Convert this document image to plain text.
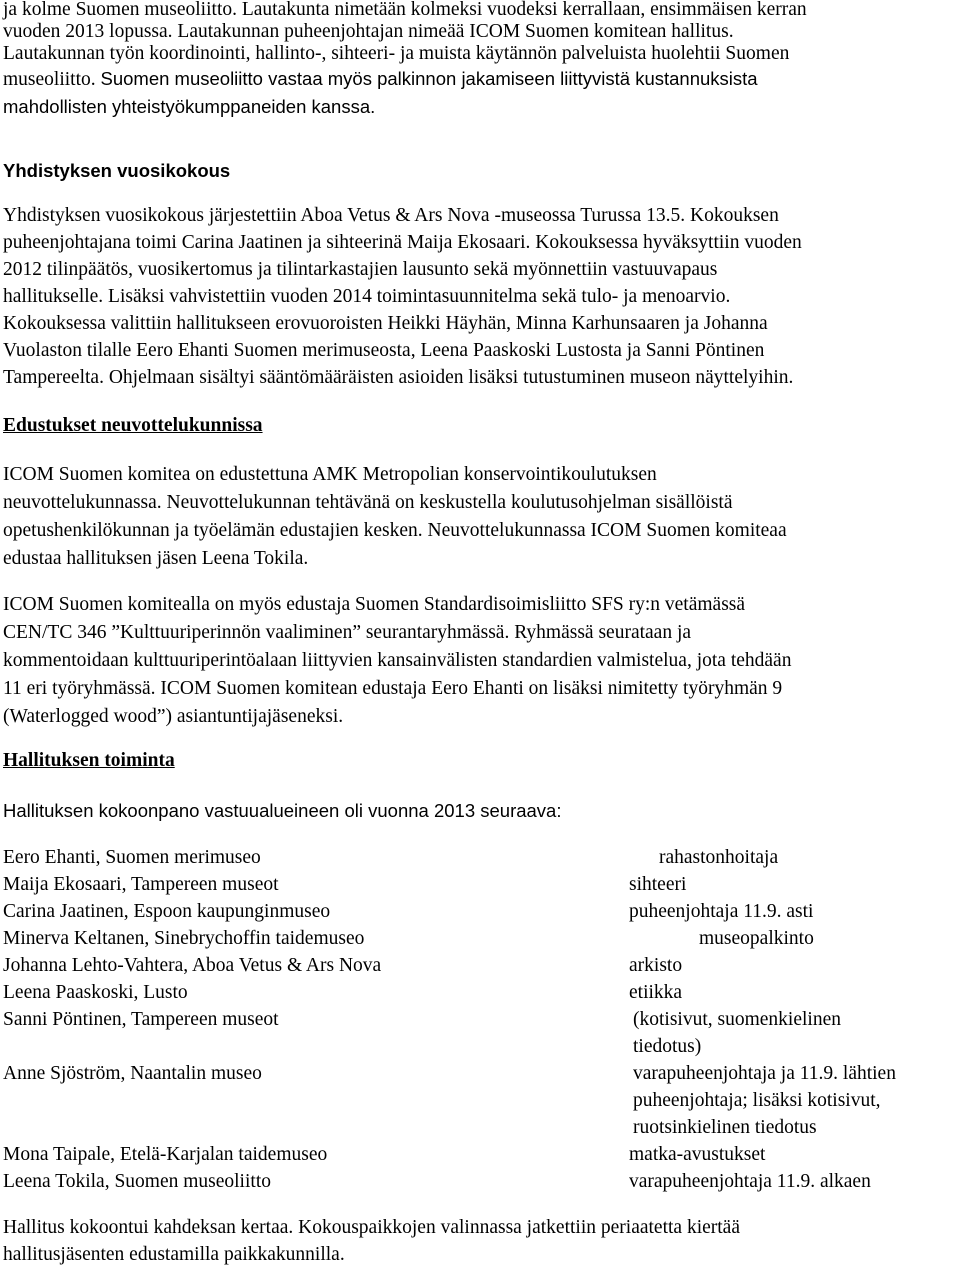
ja kolme Suomen museoliitto. Lautakunta nimetään kolmeksi vuodeksi kerrallaan, ensimmäisen kerran
vuoden 2013 lopussa. Lautakunnan puheenjohtajan nimeää ICOM Suomen komitean hallitus.
Lautakunnan työn koordinointi, hallinto-, sihteeri- ja muista käytännön palveluista huolehtii Suomen
museoliitto. Suomen museoliitto vastaa myös palkinnon jakamiseen liittyvistä kustannuksista
mahdollisten yhteistyökumppaneiden kanssa.
Yhdistyksen vuosikokous
Yhdistyksen vuosikokous järjestettiin Aboa Vetus & Ars Nova -museossa Turussa 13.5. Kokouksen
puheenjohtajana toimi Carina Jaatinen ja sihteerinä Maija Ekosaari. Kokouksessa hyväksyttiin vuoden
2012 tilinpäätös, vuosikertomus ja tilintarkastajien lausunto sekä myönnettiin vastuuvapaus
hallitukselle. Lisäksi vahvistettiin vuoden 2014 toimintasuunnitelma sekä tulo- ja menoarvio.
Kokouksessa valittiin hallitukseen erovuoroisten Heikki Häyhän, Minna Karhunsaaren ja Johanna
Vuolaston tilalle Eero Ehanti Suomen merimuseosta, Leena Paaskoski Lustosta ja Sanni Pöntinen
Tampereelta. Ohjelmaan sisältyi sääntömääräisten asioiden lisäksi tutustuminen museon näyttelyihin.
Edustukset neuvottelukunnissa
ICOM Suomen komitea on edustettuna AMK Metropolian konservointikoulutuksen
neuvottelukunnassa. Neuvottelukunnan tehtävänä on keskustella koulutusohjelman sisällöistä
opetushenkilökunnan ja työelämän edustajien kesken. Neuvottelukunnassa ICOM Suomen komiteaa
edustaa hallituksen jäsen Leena Tokila.
ICOM Suomen komitealla on myös edustaja Suomen Standardisoimisliitto SFS ry:n vetämässä
CEN/TC 346 ”Kulttuuriperinnön vaaliminen” seurantaryhmässä. Ryhmässä seurataan ja
kommentoidaan kulttuuriperintöalaan liittyvien kansainvälisten standardien valmistelua, jota tehdään
11 eri työryhmässä. ICOM Suomen komitean edustaja Eero Ehanti on lisäksi nimitetty työryhmän 9
(Waterlogged wood”) asiantuntijajäseneksi.
Hallituksen toiminta
Hallituksen kokoonpano vastuualueineen oli vuonna 2013 seuraava:
Eero Ehanti, Suomen merimuseo	rahastonhoitaja
Maija Ekosaari, Tampereen museot	sihteeri
Carina Jaatinen, Espoon kaupunginmuseo	puheenjohtaja 11.9. asti
Minerva Keltanen, Sinebrychoffin taidemuseo	museopalkinto
Johanna Lehto-Vahtera, Aboa Vetus & Ars Nova	arkisto
Leena Paaskoski, Lusto	etiikka
Sanni Pöntinen, Tampereen museot	(kotisivut, suomenkielinen
tiedotus)
Anne Sjöström, Naantalin museo	varapuheenjohtaja ja 11.9. lähtien
puheenjohtaja; lisäksi kotisivut,
ruotsinkielinen tiedotus
Mona Taipale, Etelä-Karjalan taidemuseo	matka-avustukset
Leena Tokila, Suomen museoliitto	varapuheenjohtaja 11.9. alkaen
Hallitus kokoontui kahdeksan kertaa. Kokouspaikkojen valinnassa jatkettiin periaatetta kiertää
hallitusjäsenten edustamilla paikkakunnilla.
